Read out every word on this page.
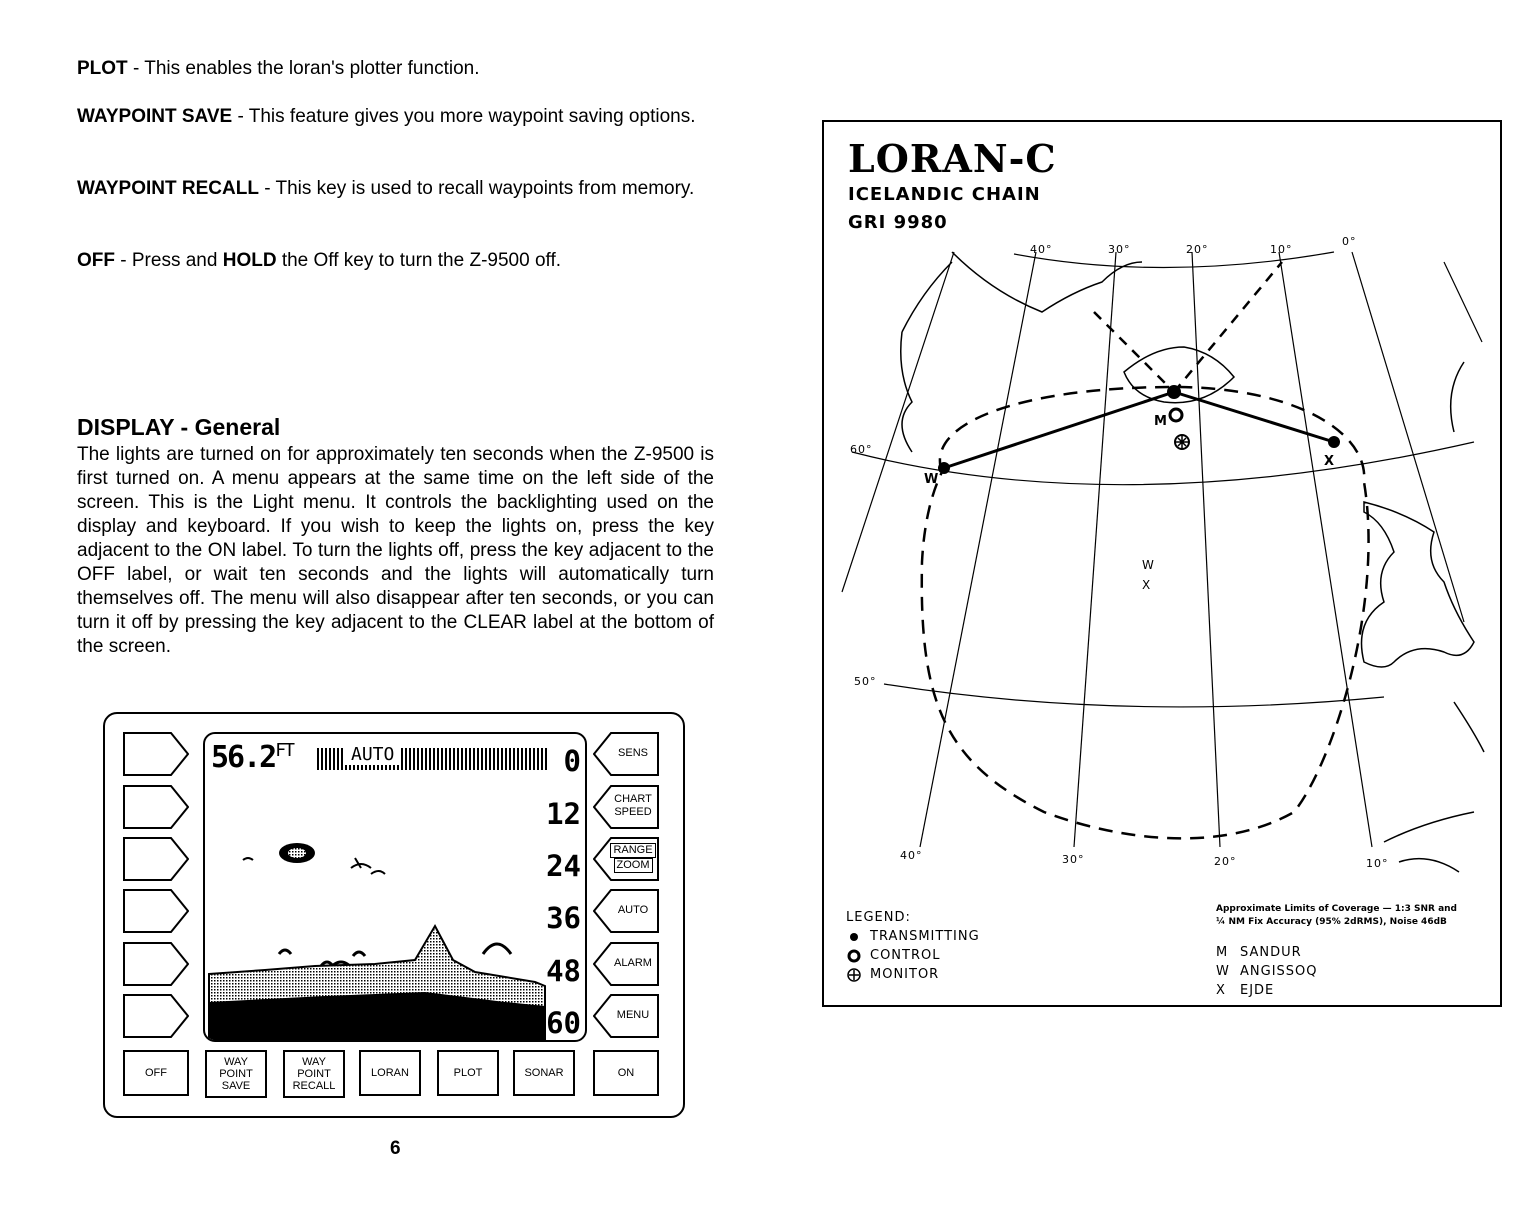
PLOT - This enables the loran's plotter function.
WAYPOINT SAVE - This feature gives you more waypoint saving options.
WAYPOINT RECALL - This key is used to recall waypoints from memory.
OFF - Press and HOLD the Off key to turn the Z-9500 off.
DISPLAY - General
The lights are turned on for approximately ten seconds when the Z-9500 is first turned on. A menu appears at the same time on the left side of the screen. This is the Light menu. It controls the backlighting used on the display and keyboard. If you wish to keep the lights on, press the key adjacent to the ON label. To turn the lights off, press the key adjacent to the OFF label, or wait ten seconds and the lights will automatically turn themselves off. The menu will also disappear after ten seconds, or you can turn it off by pressing the key adjacent to the CLEAR label at the bottom of the screen.
$56.2^{FT}$	AUTO	0
12
24
36
48
60
SENS
CHART
SPEED
RANGE
ZOOM
AUTO
ALARM
MENU
OFF
WAY
POINT
SAVE
WAY
POINT
RECALL
LORAN	PLOT	SONAR	ON
6
LORAN-C
ICELANDIC CHAIN
GRI 9980
40°	30°	20°	10°
0°
40°	30°	20°	10°
60°
50°
M
W
X
W
X
LEGEND:
TRANSMITTING
CONTROL
MONITOR
Approximate Limits of Coverage — 1:3 SNR and
¼ NM Fix Accuracy (95% 2dRMS), Noise 46dB
M SANDUR
W ANGISSOQ
X EJDE
